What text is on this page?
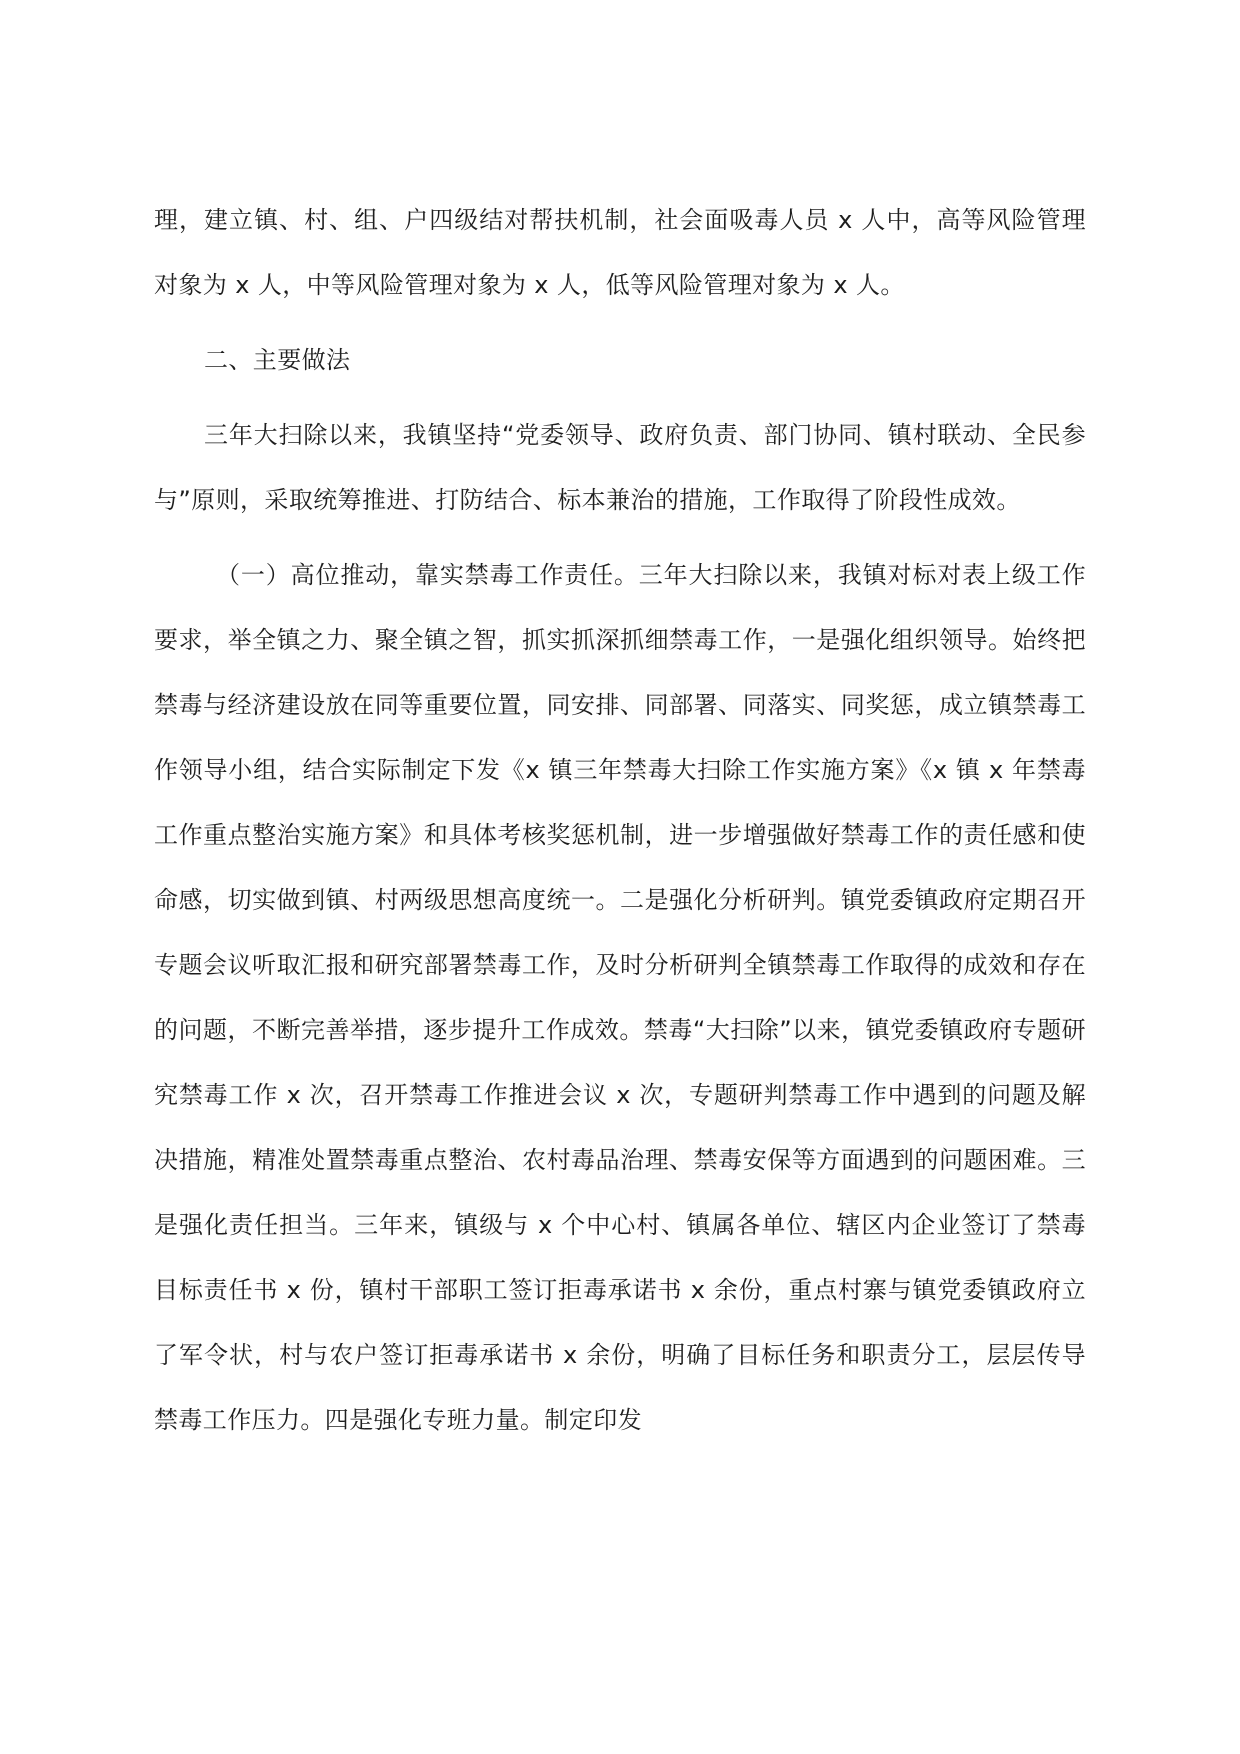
理，建立镇、村、组、户四级结对帮扶机制，社会面吸毒人员 x 人中，高等风险管理对象为 x 人，中等风险管理对象为 x 人，低等风险管理对象为 x 人。

二、主要做法

三年大扫除以来，我镇坚持“党委领导、政府负责、部门协同、镇村联动、全民参与”原则，采取统筹推进、打防结合、标本兼治的措施，工作取得了阶段性成效。

（一）高位推动，靠实禁毒工作责任。三年大扫除以来，我镇对标对表上级工作要求，举全镇之力、聚全镇之智，抓实抓深抓细禁毒工作，一是强化组织领导。始终把禁毒与经济建设放在同等重要位置，同安排、同部署、同落实、同奖惩，成立镇禁毒工作领导小组，结合实际制定下发《x 镇三年禁毒大扫除工作实施方案》《x 镇 x 年禁毒工作重点整治实施方案》和具体考核奖惩机制，进一步增强做好禁毒工作的责任感和使命感，切实做到镇、村两级思想高度统一。二是强化分析研判。镇党委镇政府定期召开专题会议听取汇报和研究部署禁毒工作，及时分析研判全镇禁毒工作取得的成效和存在的问题，不断完善举措，逐步提升工作成效。禁毒“大扫除”以来，镇党委镇政府专题研究禁毒工作 x 次，召开禁毒工作推进会议 x 次，专题研判禁毒工作中遇到的问题及解决措施，精准处置禁毒重点整治、农村毒品治理、禁毒安保等方面遇到的问题困难。三是强化责任担当。三年来，镇级与 x 个中心村、镇属各单位、辖区内企业签订了禁毒目标责任书 x 份，镇村干部职工签订拒毒承诺书 x 余份，重点村寨与镇党委镇政府立了军令状，村与农户签订拒毒承诺书 x 余份，明确了目标任务和职责分工，层层传导禁毒工作压力。四是强化专班力量。制定印发
